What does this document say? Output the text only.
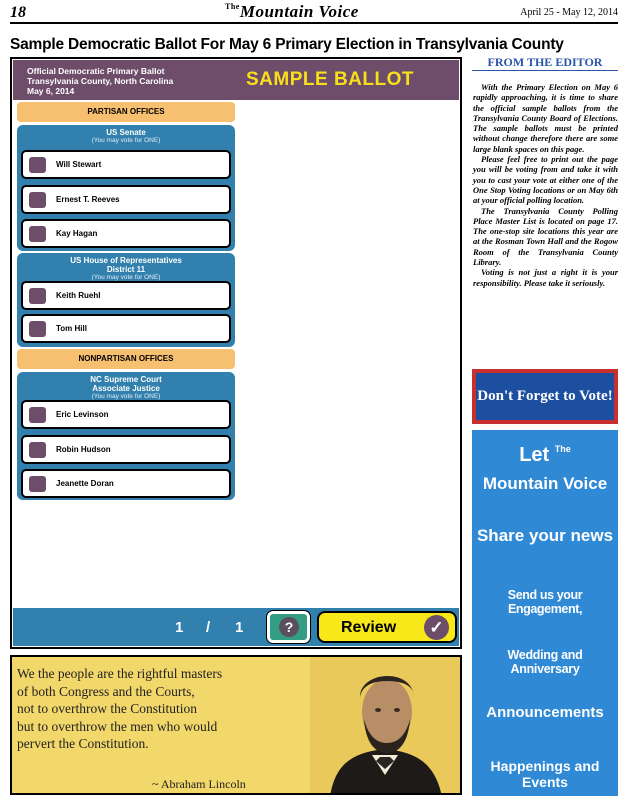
18	$^{The}$Mountain Voice	April 25 - May 12, 2014
Sample Democratic Ballot For May 6 Primary Election in Transylvania County
Official Democratic Primary Ballot
Transylvania County, North Carolina
May 6, 2014
SAMPLE BALLOT
PARTISAN OFFICES
US Senate
(You may vote for ONE)
Will Stewart
Ernest T. Reeves
Kay Hagan
US House of Representatives
District 11
(You may vote for ONE)
Keith Ruehl
Tom Hill
NONPARTISAN OFFICES
NC Supreme Court
Associate Justice
(You may vote for ONE)
Eric Levinson
Robin Hudson
Jeanette Doran
1 / 1	?	Review	✓
We the people are the rightful masters
of both Congress and the Courts,
not to overthrow the Constitution
but to overthrow the men who would
pervert the Constitution.
~ Abraham Lincoln
FROM THE EDITOR

With the Primary Election on May 6 rapidly approaching, it is time to share the official sample ballots from the Transylvania County Board of Elections. The sample ballots must be printed without change therefore there are some large blank spaces on this page.

Please feel free to print out the page you will be voting from and take it with you to cast your vote at either one of the One Stop Voting locations or on May 6th at your official polling location.

The Transylvania County Polling Place Master List is located on page 17. The one-stop site locations this year are at the Rosman Town Hall and the Rogow Room of the Transylvania County Library.

Voting is not just a right it is your responsibility. Please take it seriously.

Don't Forget to Vote!
Let $^{The}$
Mountain Voice
Share your news
Send us your Engagement,
Wedding and Anniversary
Announcements
Happenings and Events
